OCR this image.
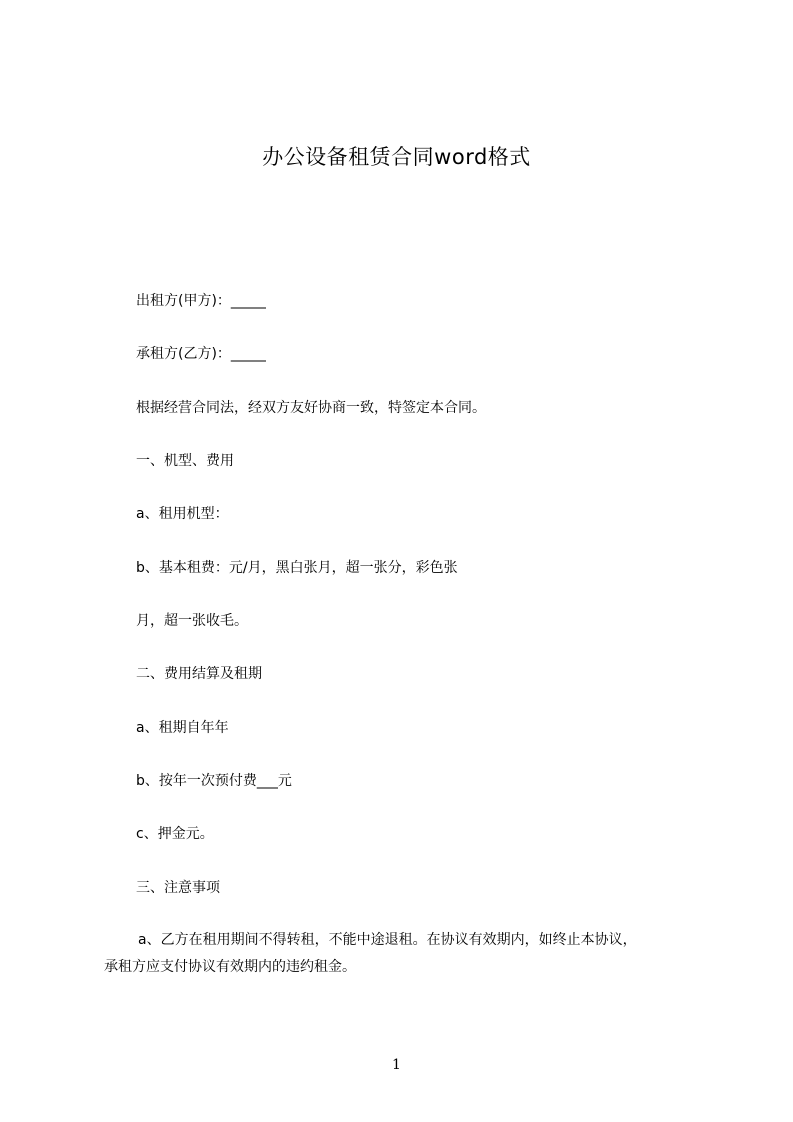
办公设备租赁合同word格式
出租方(甲方)：_____
承租方(乙方)：_____
根据经营合同法，经双方友好协商一致，特签定本合同。
一、机型、费用
a、租用机型：
b、基本租费：元/月，黑白张月，超一张分，彩色张
月，超一张收毛。
二、费用结算及租期
a、租期自年年
b、按年一次预付费___元
c、押金元。
三、注意事项
a、乙方在租用期间不得转租，不能中途退租。在协议有效期内，如终止本协议，
承租方应支付协议有效期内的违约租金。
1
